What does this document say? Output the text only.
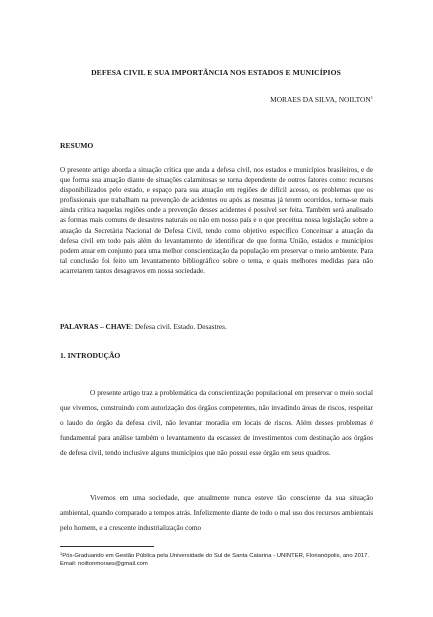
DEFESA CIVIL E SUA IMPORTÂNCIA NOS ESTADOS E MUNICÍPIOS
MORAES DA SILVA, NOILTON$^1$
RESUMO

O presente artigo aborda a situação crítica que anda a defesa civil, nos estados e municípios brasileiros, e de que forma sua atuação diante de situações calamitosas se torna dependente de outros fatores como: recursos disponibilizados pelo estado, e espaço para sua atuação em regiões de difícil acesso, os problemas que os profissionais que trabalham na prevenção de acidentes ou após as mesmas já terem ocorridos, torna-se mais ainda crítica naquelas regiões onde a prevenção desses acidentes é possível ser feita. Também será analisado as formas mais comuns de desastres naturais ou não em nosso país e o que preceitua nossa legislação sobre a atuação da Secretária Nacional de Defesa Civil, tendo como objetivo específico Conceituar a atuação da defesa civil em todo país além do levantamento de identificar de que forma União, estados e municípios podem atuar em conjunto para uma melhor conscientização da população em preservar o meio ambiente. Para tal conclusão foi feito um levantamento bibliográfico sobre o tema, e quais melhores medidas para não acarretarem tantos desagravos em nossa sociedade.

PALAVRAS – CHAVE: Defesa civil. Estado. Desastres.
1. INTRODUÇÃO

O presente artigo traz a problemática da conscientização populacional em preservar o meio social que vivemos, construindo com autorização dos órgãos competentes, não invadindo áreas de riscos, respeitar o laudo do órgão da defesa civil, não levantar moradia em locais de riscos. Além desses problemas é fundamental para análise também o levantamento da escassez de investimentos com destinação aos órgãos de defesa civil, tendo inclusive alguns municípios que não possui esse órgão em seus quadros.

Vivemos em uma sociedade, que atualmente nunca esteve tão consciente da sua situação ambiental, quando comparado a tempos atrás. Infelizmente diante de todo o mal uso dos recursos ambientais pelo homem, e a crescente industrialização como

$^1$Pós-Graduando em Gestão Pública pela Universidade do Sul de Santa Catarina - UNINTER, Florianópolis, ano 2017. Email: noiltonmoraes@gmail.com
